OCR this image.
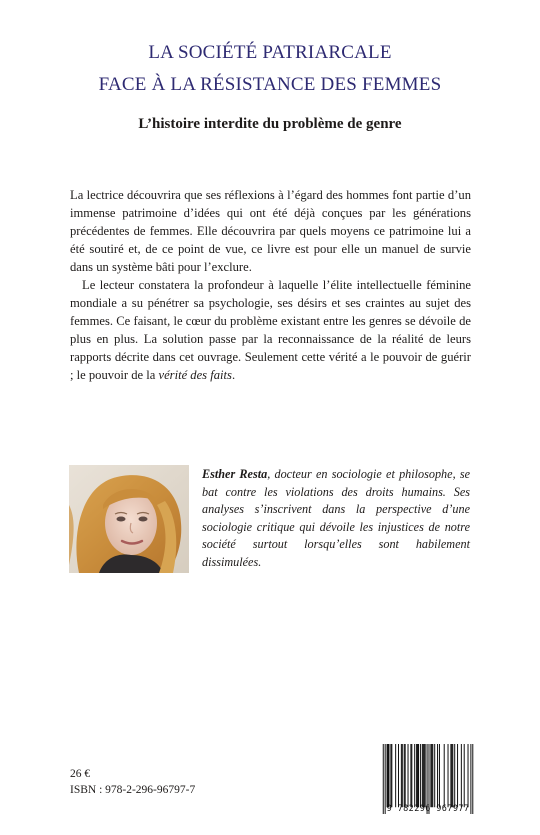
LA SOCIÉTÉ PATRIARCALE
FACE À LA RÉSISTANCE DES FEMMES
L’histoire interdite du problème de genre

La lectrice découvrira que ses réflexions à l’égard des hommes font partie d’un immense patrimoine d’idées qui ont été déjà conçues par les générations précédentes de femmes. Elle découvrira par quels moyens ce patrimoine lui a été soutiré et, de ce point de vue, ce livre est pour elle un manuel de survie dans un système bâti pour l’exclure.

Le lecteur constatera la profondeur à laquelle l’élite intellectuelle féminine mondiale a su pénétrer sa psychologie, ses désirs et ses craintes au sujet des femmes. Ce faisant, le cœur du problème existant entre les genres se dévoile de plus en plus. La solution passe par la reconnaissance de la réalité de leurs rapports décrite dans cet ouvrage. Seulement cette vérité a le pouvoir de guérir ; le pouvoir de la vérité des faits.

Esther Resta, docteur en sociologie et philosophe, se bat contre les violations des droits humains. Ses analyses s’inscrivent dans la perspective d’une sociologie critique qui dévoile les injustices de notre société surtout lorsqu’elles sont habilement dissimulées.

26 €

ISBN : 978-2-296-96797-7

9 782296 967977
